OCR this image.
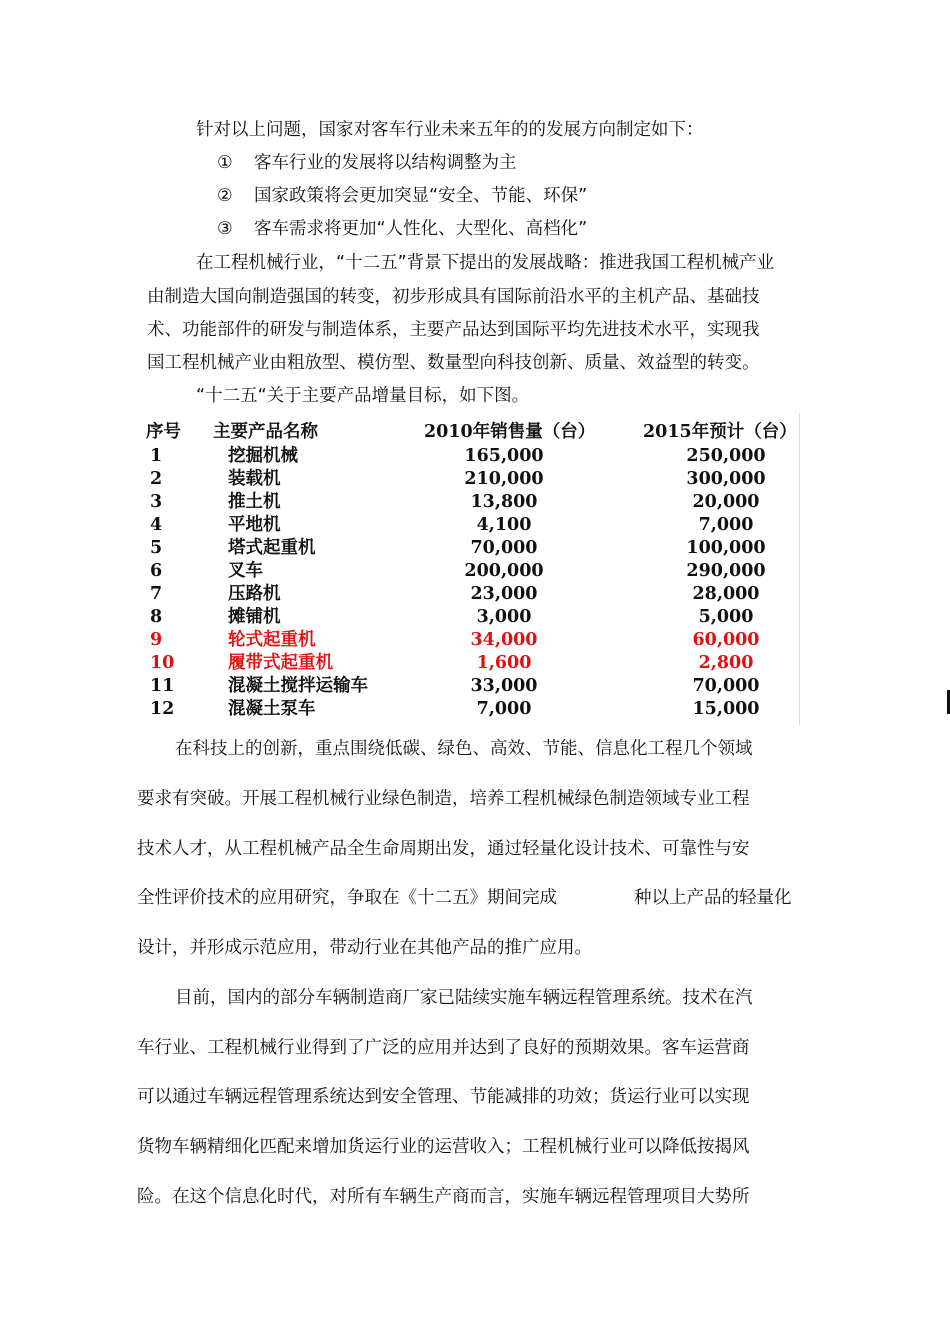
针对以上问题，国家对客车行业未来五年的的发展方向制定如下：
① 客车行业的发展将以结构调整为主
② 国家政策将会更加突显“安全、节能、环保”
③ 客车需求将更加“人性化、大型化、高档化”
在工程机械行业，“十二五”背景下提出的发展战略：推进我国工程机械产业
由制造大国向制造强国的转变，初步形成具有国际前沿水平的主机产品、基础技
术、功能部件的研发与制造体系，主要产品达到国际平均先进技术水平，实现我
国工程机械产业由粗放型、模仿型、数量型向科技创新、质量、效益型的转变。
“十二五“关于主要产品增量目标，如下图。
序号 主要产品名称	2010年销售量（台）	2015年预计（台）
1	挖掘机械	165,000	250,000
2	装载机	210,000	300,000
3	推土机	13,800	20,000
4	平地机	4,100	7,000
5	塔式起重机	70,000	100,000
6	叉车	200,000	290,000
7	压路机	23,000	28,000
8	摊铺机	3,000	5,000
9	轮式起重机	34,000	60,000
10	履带式起重机	1,600	2,800
11	混凝土搅拌运输车	33,000	70,000
12	混凝土泵车	7,000	15,000
在科技上的创新，重点围绕低碳、绿色、高效、节能、信息化工程几个领域
要求有突破。开展工程机械行业绿色制造，培养工程机械绿色制造领域专业工程
技术人才，从工程机械产品全生命周期出发，通过轻量化设计技术、可靠性与安
全性评价技术的应用研究，争取在《十二五》期间完成	种以上产品的轻量化
设计，并形成示范应用，带动行业在其他产品的推广应用。
目前，国内的部分车辆制造商厂家已陆续实施车辆远程管理系统。技术在汽
车行业、工程机械行业得到了广泛的应用并达到了良好的预期效果。客车运营商
可以通过车辆远程管理系统达到安全管理、节能减排的功效；货运行业可以实现
货物车辆精细化匹配来增加货运行业的运营收入；工程机械行业可以降低按揭风
险。在这个信息化时代，对所有车辆生产商而言，实施车辆远程管理项目大势所
